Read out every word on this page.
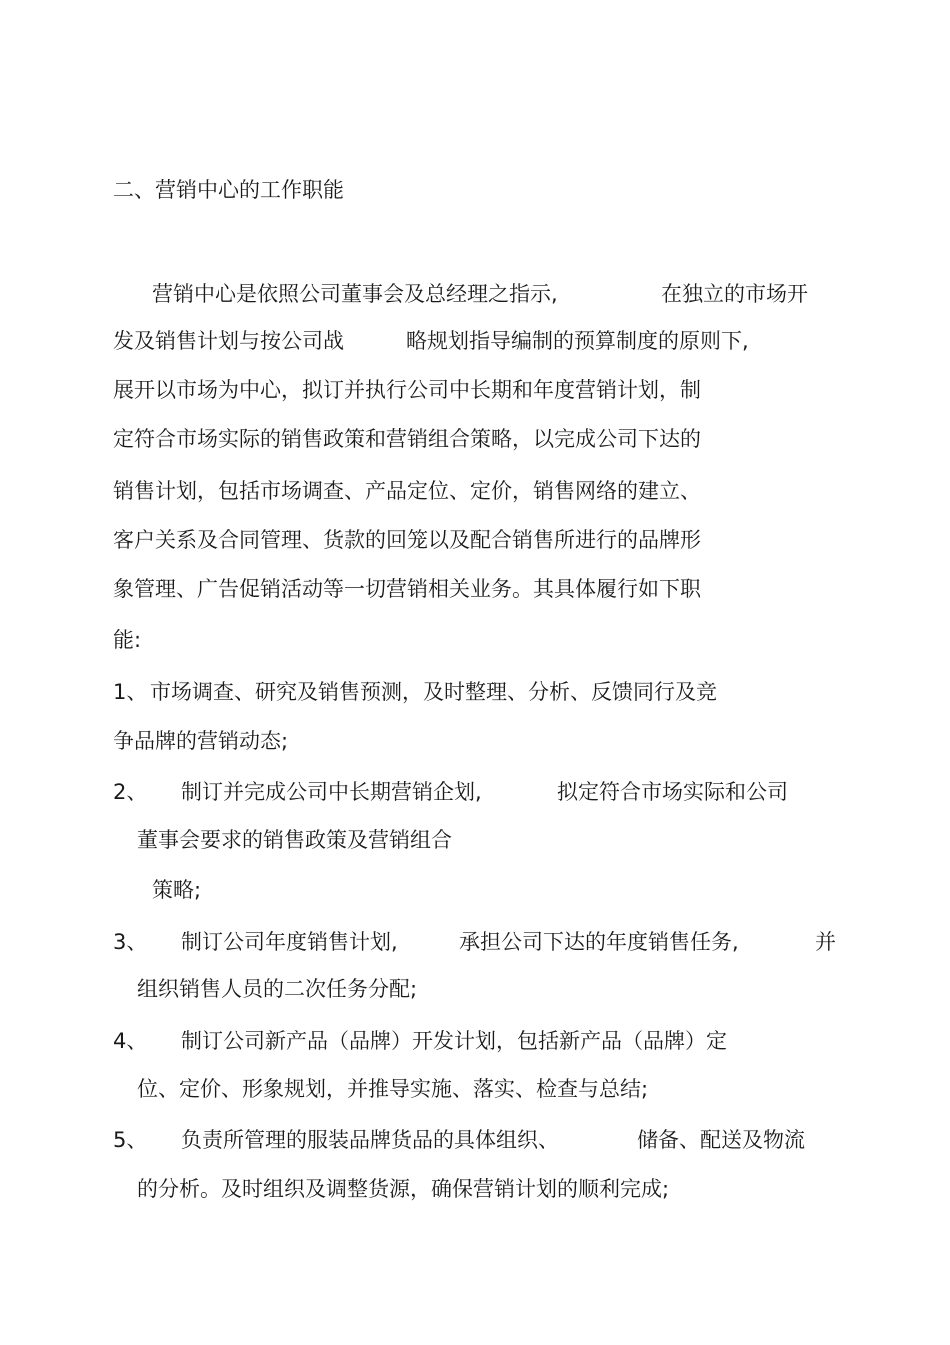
二、营销中心的工作职能
营销中心是依照公司董事会及总经理之指示,	在独立的市场开
发及销售计划与按公司战	略规划指导编制的预算制度的原则下,
展开以市场为中心，拟订并执行公司中长期和年度营销计划，制
定符合市场实际的销售政策和营销组合策略，以完成公司下达的
销售计划，包括市场调查、产品定位、定价，销售网络的建立、
客户关系及合同管理、货款的回笼以及配合销售所进行的品牌形
象管理、广告促销活动等一切营销相关业务。其具体履行如下职
能:
1、 市场调查、研究及销售预测，及时整理、分析、反馈同行及竞
争品牌的营销动态;
2、 制订并完成公司中长期营销企划,	拟定符合市场实际和公司
董事会要求的销售政策及营销组合
策略;
3、 制订公司年度销售计划,	承担公司下达的年度销售任务,	并
组织销售人员的二次任务分配;
4、 制订公司新产品（品牌）开发计划，包括新产品（品牌）定
位、定价、形象规划，并推导实施、落实、检查与总结;
5、 负责所管理的服装品牌货品的具体组织、	储备、配送及物流
的分析。及时组织及调整货源，确保营销计划的顺利完成;
